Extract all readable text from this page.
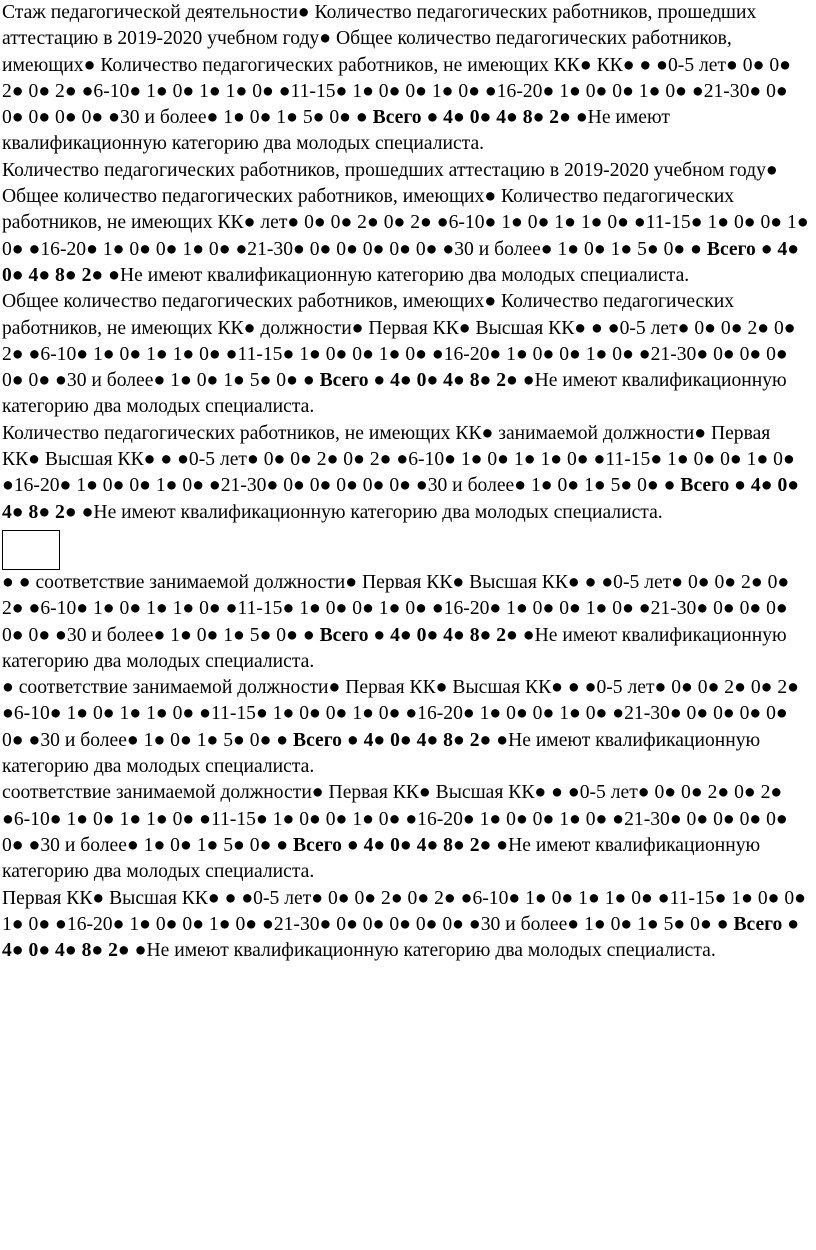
Стаж педагогической деятельности● Количество педагогических работников, прошедших аттестацию в 2019-2020 учебном году● Общее количество педагогических работников, имеющих● Количество педагогических работников, не имеющих КК● КК● ● ●0-5 лет● 0● 0● 2● 0● 2● ●6-10● 1● 0● 1● 1● 0● ●11-15● 1● 0● 0● 1● 0● ●16-20● 1● 0● 0● 1● 0● ●21-30● 0● 0● 0● 0● 0● ●30 и более● 1● 0● 1● 5● 0● ● Всего ● 4● 0● 4● 8● 2● ●Не имеют квалификационную категорию два молодых специалиста.

Количество педагогических работников, прошедших аттестацию в 2019-2020 учебном году● Общее количество педагогических работников, имеющих● Количество педагогических работников, не имеющих КК● лет● 0● 0● 2● 0● 2● ●6-10● 1● 0● 1● 1● 0● ●11-15● 1● 0● 0● 1● 0● ●16-20● 1● 0● 0● 1● 0● ●21-30● 0● 0● 0● 0● 0● ●30 и более● 1● 0● 1● 5● 0● ● Всего ● 4● 0● 4● 8● 2● ●Не имеют квалификационную категорию два молодых специалиста.

Общее количество педагогических работников, имеющих● Количество педагогических работников, не имеющих КК● должности● Первая КК● Высшая КК● ● ●0-5 лет● 0● 0● 2● 0● 2● ●6-10● 1● 0● 1● 1● 0● ●11-15● 1● 0● 0● 1● 0● ●16-20● 1● 0● 0● 1● 0● ●21-30● 0● 0● 0● 0● 0● ●30 и более● 1● 0● 1● 5● 0● ● Всего ● 4● 0● 4● 8● 2● ●Не имеют квалификационную категорию два молодых специалиста.

Количество педагогических работников, не имеющих КК● занимаемой должности● Первая КК● Высшая КК● ● ●0-5 лет● 0● 0● 2● 0● 2● ●6-10● 1● 0● 1● 1● 0● ●11-15● 1● 0● 0● 1● 0● ●16-20● 1● 0● 0● 1● 0● ●21-30● 0● 0● 0● 0● 0● ●30 и более● 1● 0● 1● 5● 0● ● Всего ● 4● 0● 4● 8● 2● ●Не имеют квалификационную категорию два молодых специалиста.

● ● соответствие занимаемой должности● Первая КК● Высшая КК● ● ●0-5 лет● 0● 0● 2● 0● 2● ●6-10● 1● 0● 1● 1● 0● ●11-15● 1● 0● 0● 1● 0● ●16-20● 1● 0● 0● 1● 0● ●21-30● 0● 0● 0● 0● 0● ●30 и более● 1● 0● 1● 5● 0● ● Всего ● 4● 0● 4● 8● 2● ●Не имеют квалификационную категорию два молодых специалиста.

● соответствие занимаемой должности● Первая КК● Высшая КК● ● ●0-5 лет● 0● 0● 2● 0● 2● ●6-10● 1● 0● 1● 1● 0● ●11-15● 1● 0● 0● 1● 0● ●16-20● 1● 0● 0● 1● 0● ●21-30● 0● 0● 0● 0● 0● ●30 и более● 1● 0● 1● 5● 0● ● Всего ● 4● 0● 4● 8● 2● ●Не имеют квалификационную категорию два молодых специалиста.

соответствие занимаемой должности● Первая КК● Высшая КК● ● ●0-5 лет● 0● 0● 2● 0● 2● ●6-10● 1● 0● 1● 1● 0● ●11-15● 1● 0● 0● 1● 0● ●16-20● 1● 0● 0● 1● 0● ●21-30● 0● 0● 0● 0● 0● ●30 и более● 1● 0● 1● 5● 0● ● Всего ● 4● 0● 4● 8● 2● ●Не имеют квалификационную категорию два молодых специалиста.

Первая КК● Высшая КК● ● ●0-5 лет● 0● 0● 2● 0● 2● ●6-10● 1● 0● 1● 1● 0● ●11-15● 1● 0● 0● 1● 0● ●16-20● 1● 0● 0● 1● 0● ●21-30● 0● 0● 0● 0● 0● ●30 и более● 1● 0● 1● 5● 0● ● Всего ● 4● 0● 4● 8● 2● ●Не имеют квалификационную категорию два молодых специалиста.
